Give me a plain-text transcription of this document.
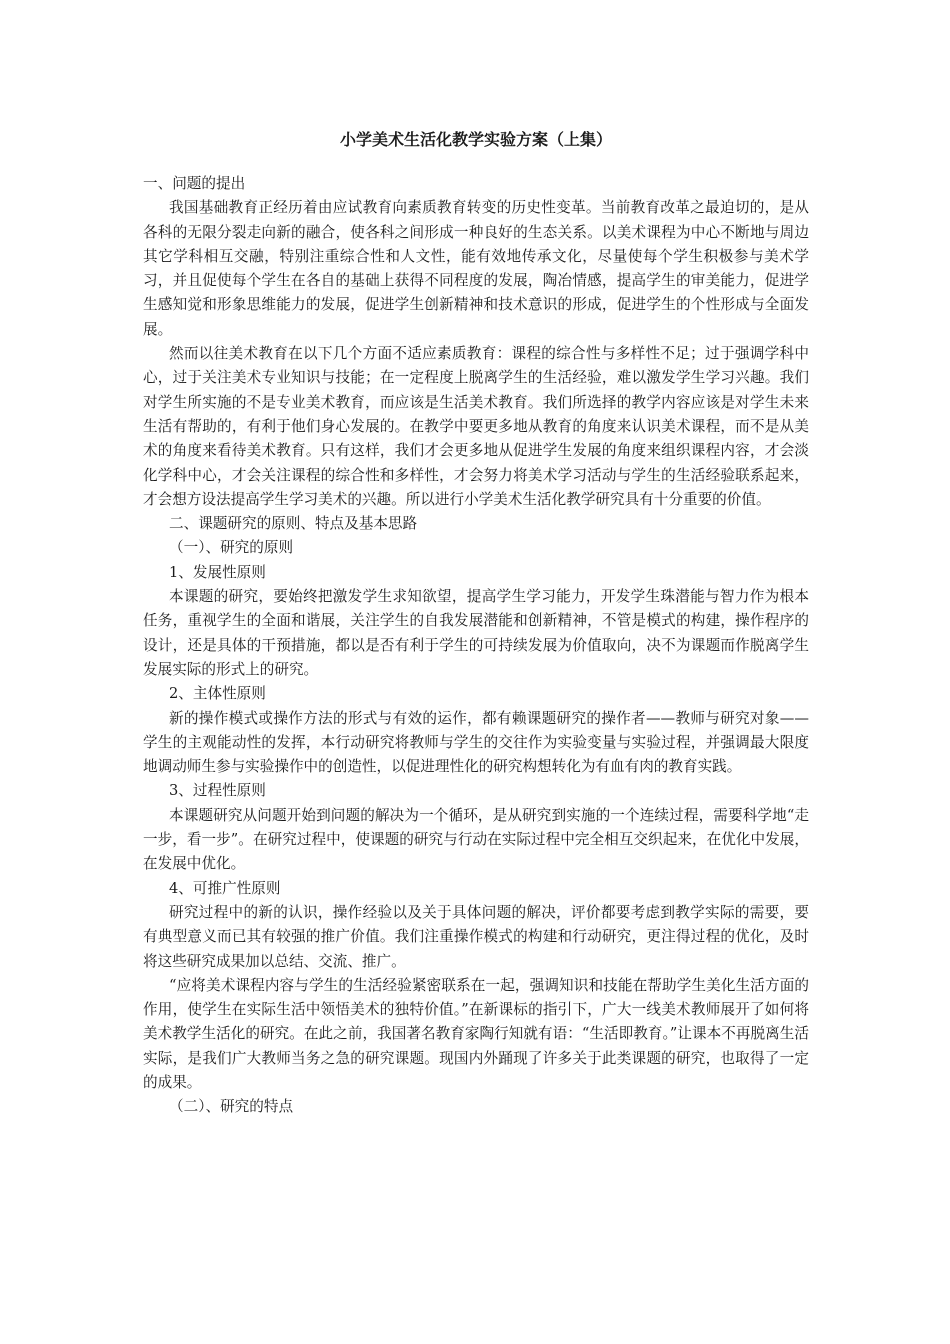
小学美术生活化教学实验方案（上集）

一、问题的提出

我国基础教育正经历着由应试教育向素质教育转变的历史性变革。当前教育改革之最迫切的，是从各科的无限分裂走向新的融合，使各科之间形成一种良好的生态关系。以美术课程为中心不断地与周边其它学科相互交融，特别注重综合性和人文性，能有效地传承文化，尽量使每个学生积极参与美术学习，并且促使每个学生在各自的基础上获得不同程度的发展，陶冶情感，提高学生的审美能力，促进学生感知觉和形象思维能力的发展，促进学生创新精神和技术意识的形成，促进学生的个性形成与全面发展。

然而以往美术教育在以下几个方面不适应素质教育：课程的综合性与多样性不足；过于强调学科中心，过于关注美术专业知识与技能；在一定程度上脱离学生的生活经验，难以激发学生学习兴趣。我们对学生所实施的不是专业美术教育，而应该是生活美术教育。我们所选择的教学内容应该是对学生未来生活有帮助的，有利于他们身心发展的。在教学中要更多地从教育的角度来认识美术课程，而不是从美术的角度来看待美术教育。只有这样，我们才会更多地从促进学生发展的角度来组织课程内容，才会淡化学科中心，才会关注课程的综合性和多样性，才会努力将美术学习活动与学生的生活经验联系起来，才会想方设法提高学生学习美术的兴趣。所以进行小学美术生活化教学研究具有十分重要的价值。

二、课题研究的原则、特点及基本思路

（一）、研究的原则

1、发展性原则

本课题的研究，要始终把激发学生求知欲望，提高学生学习能力，开发学生珠潜能与智力作为根本任务，重视学生的全面和谐展，关注学生的自我发展潜能和创新精神，不管是模式的构建，操作程序的设计，还是具体的干预措施，都以是否有利于学生的可持续发展为价值取向，决不为课题而作脱离学生发展实际的形式上的研究。

2、主体性原则

新的操作模式或操作方法的形式与有效的运作，都有赖课题研究的操作者——教师与研究对象——学生的主观能动性的发挥，本行动研究将教师与学生的交往作为实验变量与实验过程，并强调最大限度地调动师生参与实验操作中的创造性，以促进理性化的研究构想转化为有血有肉的教育实践。

3、过程性原则

本课题研究从问题开始到问题的解决为一个循环，是从研究到实施的一个连续过程，需要科学地“走一步，看一步”。在研究过程中，使课题的研究与行动在实际过程中完全相互交织起来，在优化中发展，在发展中优化。

4、可推广性原则

研究过程中的新的认识，操作经验以及关于具体问题的解决，评价都要考虑到教学实际的需要，要有典型意义而已其有较强的推广价值。我们注重操作模式的构建和行动研究，更注得过程的优化，及时将这些研究成果加以总结、交流、推广。

“应将美术课程内容与学生的生活经验紧密联系在一起，强调知识和技能在帮助学生美化生活方面的作用，使学生在实际生活中领悟美术的独特价值。”在新课标的指引下，广大一线美术教师展开了如何将美术教学生活化的研究。在此之前，我国著名教育家陶行知就有语：“生活即教育。”让课本不再脱离生活实际，是我们广大教师当务之急的研究课题。现国内外踊现了许多关于此类课题的研究，也取得了一定的成果。

（二）、研究的特点
